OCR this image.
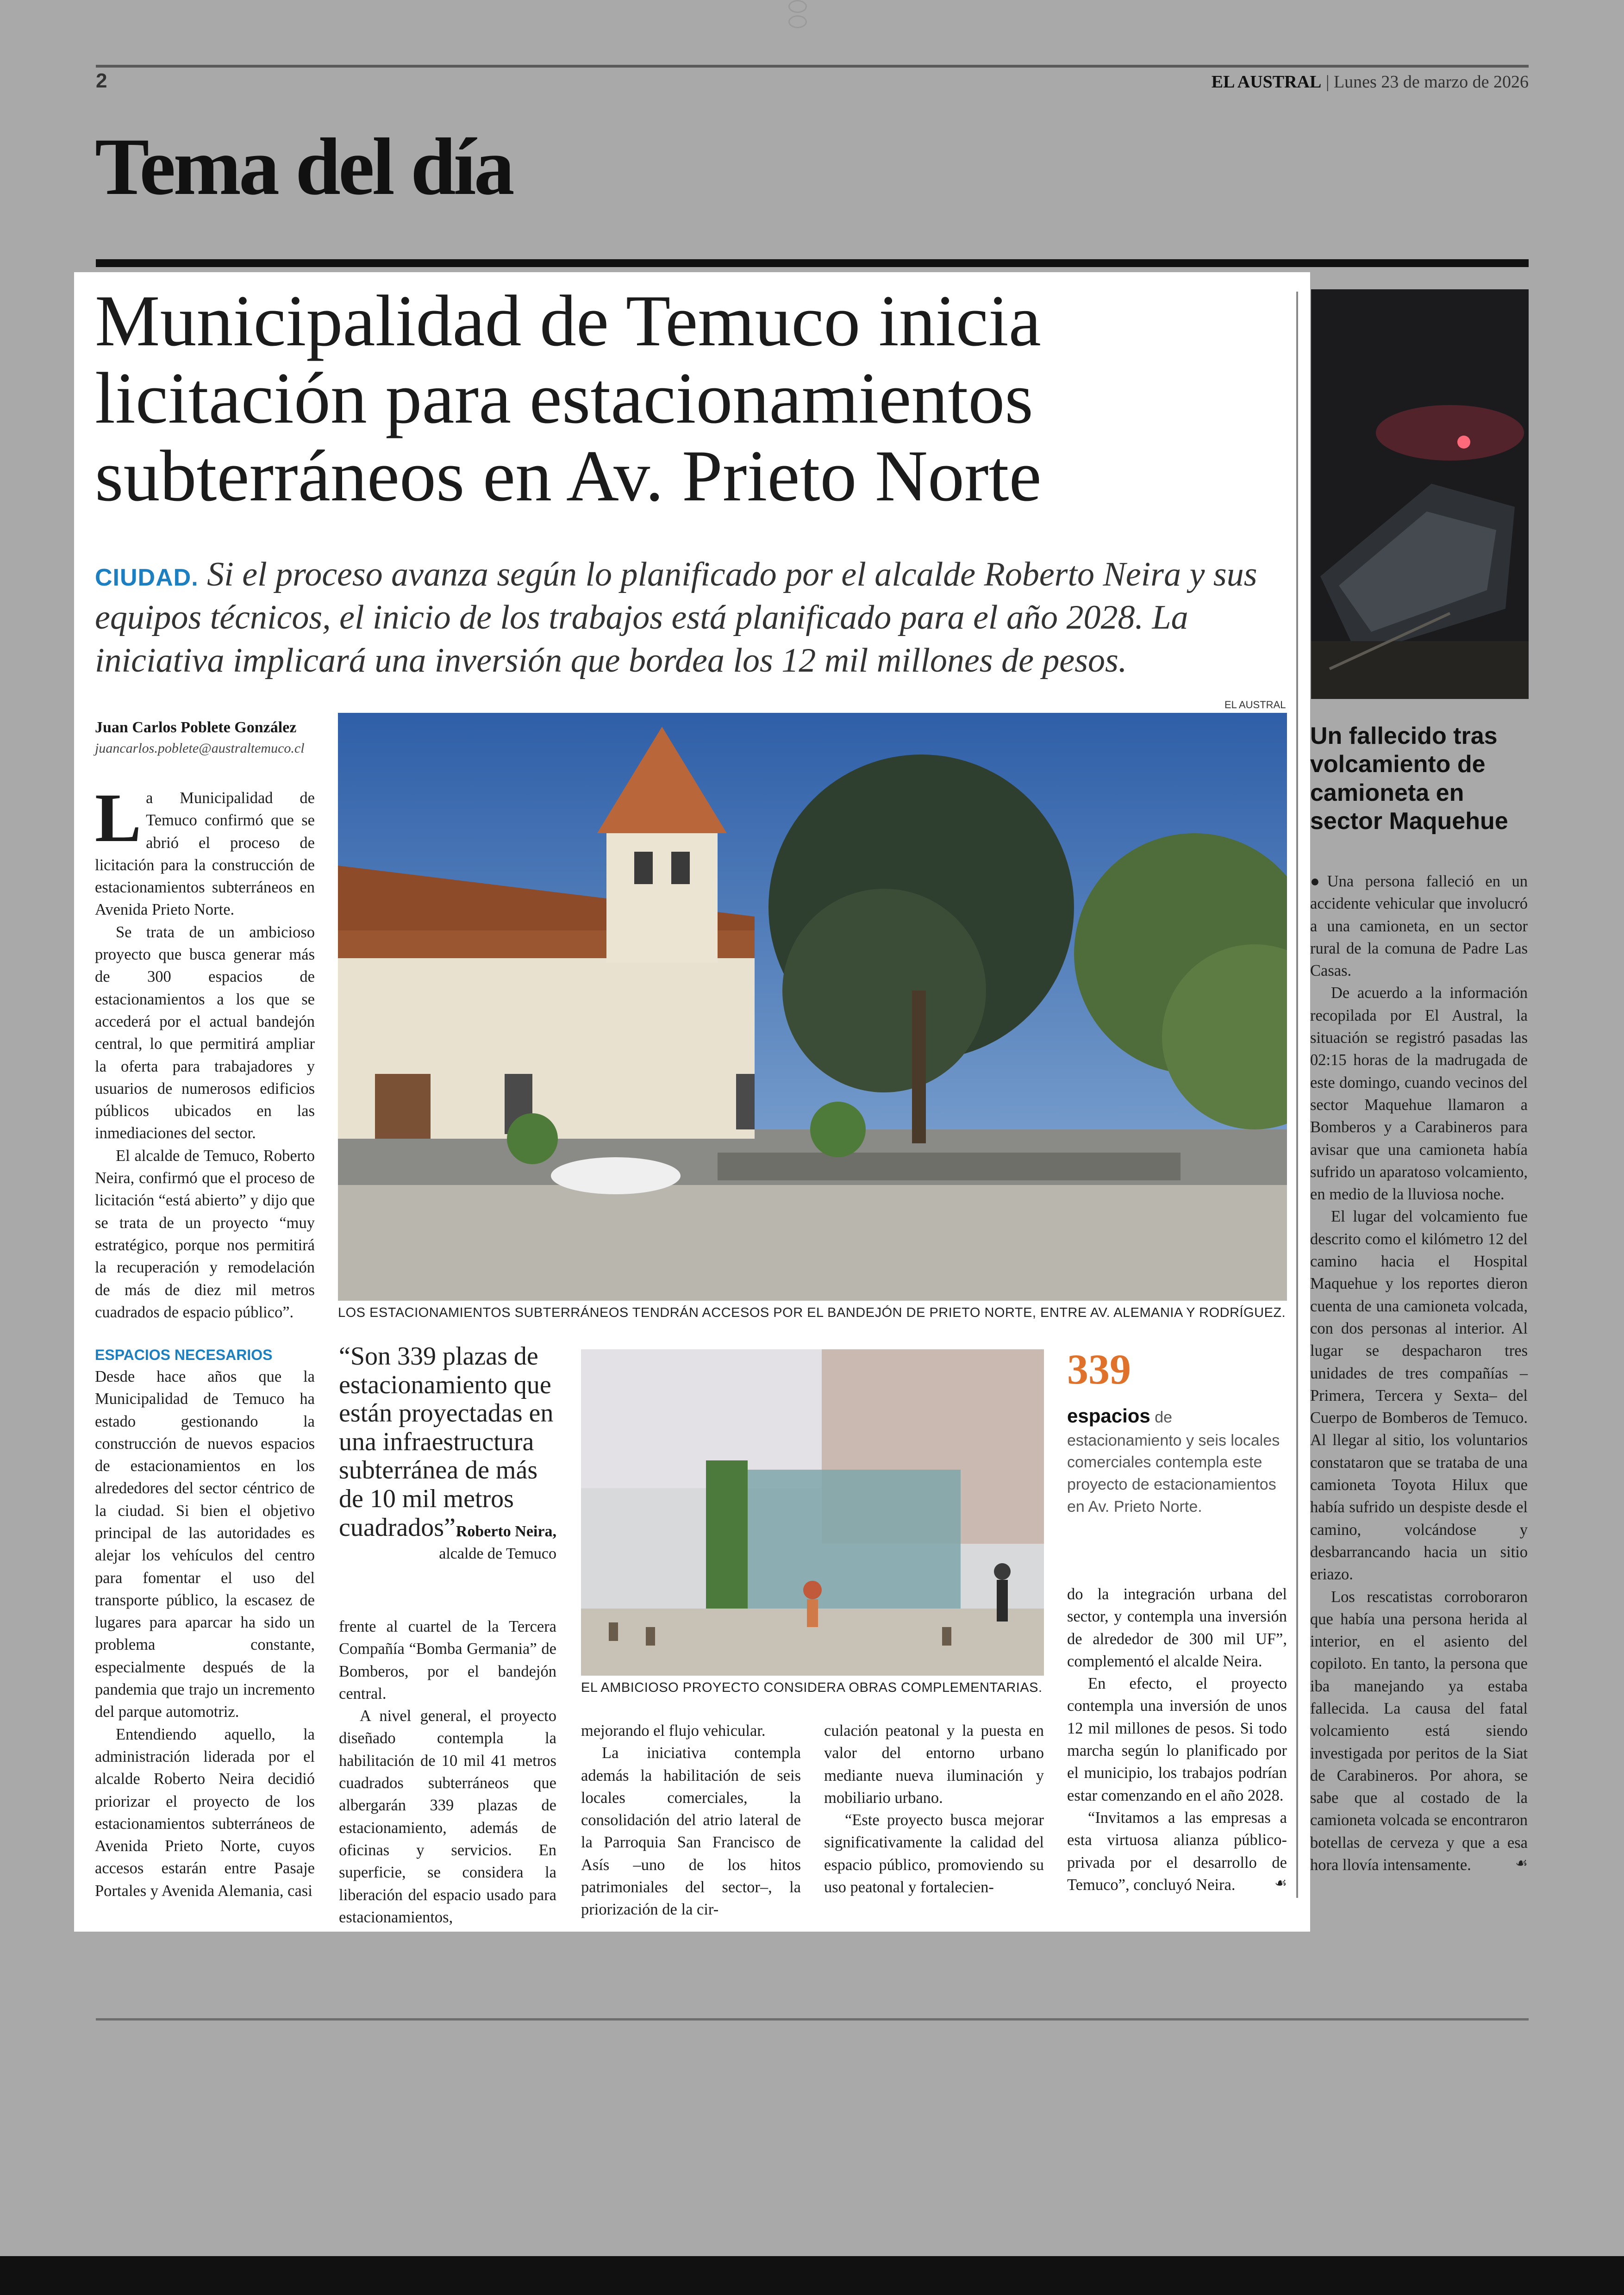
2	EL AUSTRAL | Lunes 23 de marzo de 2026
Tema del día
Municipalidad de Temuco inicia licitación para estacionamientos subterráneos en Av. Prieto Norte
CIUDAD. Si el proceso avanza según lo planificado por el alcalde Roberto Neira y sus equipos técnicos, el inicio de los trabajos está planificado para el año 2028. La iniciativa implicará una inversión que bordea los 12 mil millones de pesos.
Juan Carlos Poblete González
juancarlos.poblete@australtemuco.cl
EL AUSTRAL
LOS ESTACIONAMIENTOS SUBTERRÁNEOS TENDRÁN ACCESOS POR EL BANDEJÓN DE PRIETO NORTE, ENTRE AV. ALEMANIA Y RODRÍGUEZ.

La Municipalidad de Temuco confirmó que se abrió el proceso de licitación para la construcción de estacionamientos subterráneos en Avenida Prieto Norte.

Se trata de un ambicioso proyecto que busca generar más de 300 espacios de estacionamientos a los que se accederá por el actual bandejón central, lo que permitirá ampliar la oferta para trabajadores y usuarios de numerosos edificios públicos ubicados en las inmediaciones del sector.

El alcalde de Temuco, Roberto Neira, confirmó que el proceso de licitación “está abierto” y dijo que se trata de un proyecto “muy estratégico, porque nos permitirá la recuperación y remodelación de más de diez mil metros cuadrados de espacio público”.

ESPACIOS NECESARIOS

Desde hace años que la Municipalidad de Temuco ha estado gestionando la construcción de nuevos espacios de estacionamientos en los alrededores del sector céntrico de la ciudad. Si bien el objetivo principal de las autoridades es alejar los vehículos del centro para fomentar el uso del transporte público, la escasez de lugares para aparcar ha sido un problema constante, especialmente después de la pandemia que trajo un incremento del parque automotriz.

Entendiendo aquello, la administración liderada por el alcalde Roberto Neira decidió priorizar el proyecto de los estacionamientos subterráneos de Avenida Prieto Norte, cuyos accesos estarán entre Pasaje Portales y Avenida Alemania, casi

“Son 339 plazas de estacionamiento que están proyectadas en una infraestructura subterránea de más de 10 mil metros cuadrados”.
Roberto Neira,
alcalde de Temuco

frente al cuartel de la Tercera Compañía “Bomba Germania” de Bomberos, por el bandejón central.

A nivel general, el proyecto diseñado contempla la habilitación de 10 mil 41 metros cuadrados subterráneos que albergarán 339 plazas de estacionamiento, además de oficinas y servicios. En superficie, se considera la liberación del espacio usado para estacionamientos,

EL AMBICIOSO PROYECTO CONSIDERA OBRAS COMPLEMENTARIAS.

mejorando el flujo vehicular.

La iniciativa contempla además la habilitación de seis locales comerciales, la consolidación del atrio lateral de la Parroquia San Francisco de Asís –uno de los hitos patrimoniales del sector–, la priorización de la cir-

culación peatonal y la puesta en valor del entorno urbano mediante nueva iluminación y mobiliario urbano.

“Este proyecto busca mejorar significativamente la calidad del espacio público, promoviendo su uso peatonal y fortalecien-

339
espacios de estacionamiento y seis locales comerciales contempla este proyecto de estacionamientos en Av. Prieto Norte.

do la integración urbana del sector, y contempla una inversión de alrededor de 300 mil UF”, complementó el alcalde Neira.

En efecto, el proyecto contempla una inversión de unos 12 mil millones de pesos. Si todo marcha según lo planificado por el municipio, los trabajos podrían estar comenzando en el año 2028.

“Invitamos a las empresas a esta virtuosa alianza público-privada por el desarrollo de Temuco”, concluyó Neira.	☙

Un fallecido tras volcamiento de camioneta en sector Maquehue

●Una persona falleció en un accidente vehicular que involucró a una camioneta, en un sector rural de la comuna de Padre Las Casas.

De acuerdo a la información recopilada por El Austral, la situación se registró pasadas las 02:15 horas de la madrugada de este domingo, cuando vecinos del sector Maquehue llamaron a Bomberos y a Carabineros para avisar que una camioneta había sufrido un aparatoso volcamiento, en medio de la lluviosa noche.

El lugar del volcamiento fue descrito como el kilómetro 12 del camino hacia el Hospital Maquehue y los reportes dieron cuenta de una camioneta volcada, con dos personas al interior. Al lugar se despacharon tres unidades de tres compañías –Primera, Tercera y Sexta– del Cuerpo de Bomberos de Temuco. Al llegar al sitio, los voluntarios constataron que se trataba de una camioneta Toyota Hilux que había sufrido un despiste desde el camino, volcándose y desbarrancando hacia un sitio eriazo.

Los rescatistas corroboraron que había una persona herida al interior, en el asiento del copiloto. En tanto, la persona que iba manejando ya estaba fallecida. La causa del fatal volcamiento está siendo investigada por peritos de la Siat de Carabineros. Por ahora, se sabe que al costado de la camioneta volcada se encontraron botellas de cerveza y que a esa hora llovía intensamente.	☙
